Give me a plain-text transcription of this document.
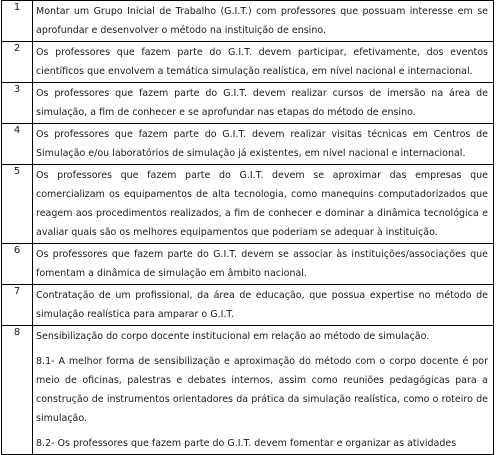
1	Montar um Grupo Inicial de Trabalho (G.I.T.) com professores que possuam interesse em se aprofundar e desenvolver o método na instituição de ensino.

2	Os professores que fazem parte do G.I.T. devem participar, efetivamente, dos eventos científicos que envolvem a temática simulação realística, em nível nacional e internacional.

3	Os professores que fazem parte do G.I.T. devem realizar cursos de imersão na área de simulação, a fim de conhecer e se aprofundar nas etapas do método de ensino.

4	Os professores que fazem parte do G.I.T. devem realizar visitas técnicas em Centros de Simulação e/ou laboratórios de simulação já existentes, em nível nacional e internacional.

5	Os professores que fazem parte do G.I.T. devem se aproximar das empresas que comercializam os equipamentos de alta tecnologia, como manequins computadorizados que reagem aos procedimentos realizados, a fim de conhecer e dominar a dinâmica tecnológica e avaliar quais são os melhores equipamentos que poderiam se adequar à instituição.

6	Os professores que fazem parte do G.I.T. devem se associar às instituições/associações que fomentam a dinâmica de simulação em âmbito nacional.

7	Contratação de um profissional, da área de educação, que possua expertise no método de simulação realística para amparar o G.I.T.

8	Sensibilização do corpo docente institucional em relação ao método de simulação.
8.1- A melhor forma de sensibilização e aproximação do método com o corpo docente é por meio de oficinas, palestras e debates internos, assim como reuniões pedagógicas para a construção de instrumentos orientadores da prática da simulação realística, como o roteiro de simulação.
8.2- Os professores que fazem parte do G.I.T. devem fomentar e organizar as atividades
